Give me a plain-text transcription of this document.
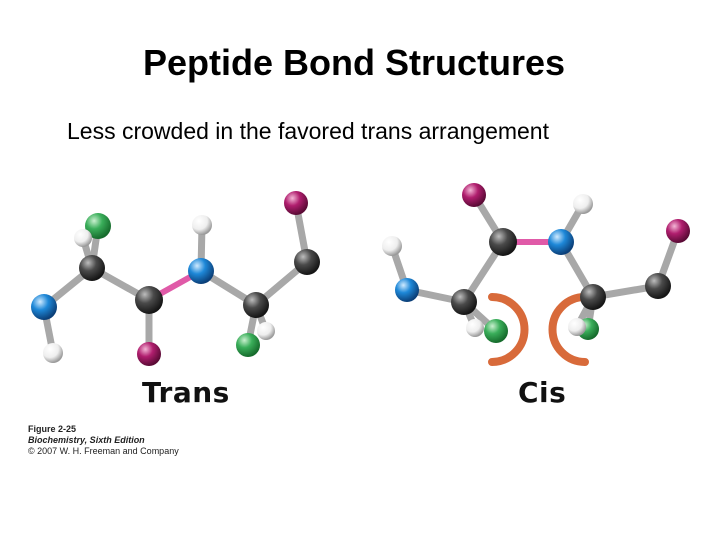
Peptide Bond Structures
Less crowded in the favored trans arrangement
Trans	Cis
Figure 2-25
Biochemistry, Sixth Edition
© 2007 W. H. Freeman and Company
